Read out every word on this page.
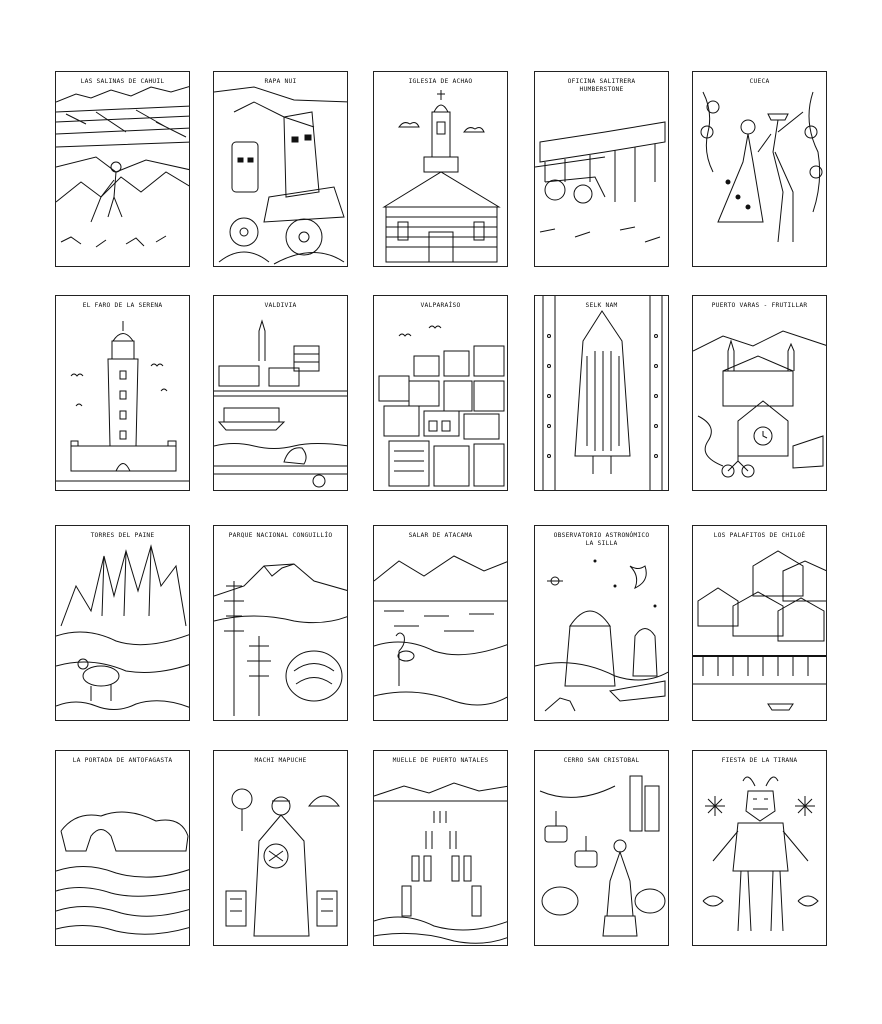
LAS SALINAS DE CAHUIL	RAPA NUI	IGLESIA DE ACHAO	OFICINA SALITRERA
HUMBERSTONE
CUECA
EL FARO DE LA SERENA	VALDIVIA	VALPARAÍSO	SELK NAM	PUERTO VARAS - FRUTILLAR
TORRES DEL PAINE	PARQUE NACIONAL CONGUILLÍO	SALAR DE ATACAMA	OBSERVATORIO ASTRONÓMICO
LA SILLA
LOS PALAFITOS DE CHILOÉ
LA PORTADA DE ANTOFAGASTA	MACHI MAPUCHE	MUELLE DE PUERTO NATALES	CERRO SAN CRISTOBAL	FIESTA DE LA TIRANA
